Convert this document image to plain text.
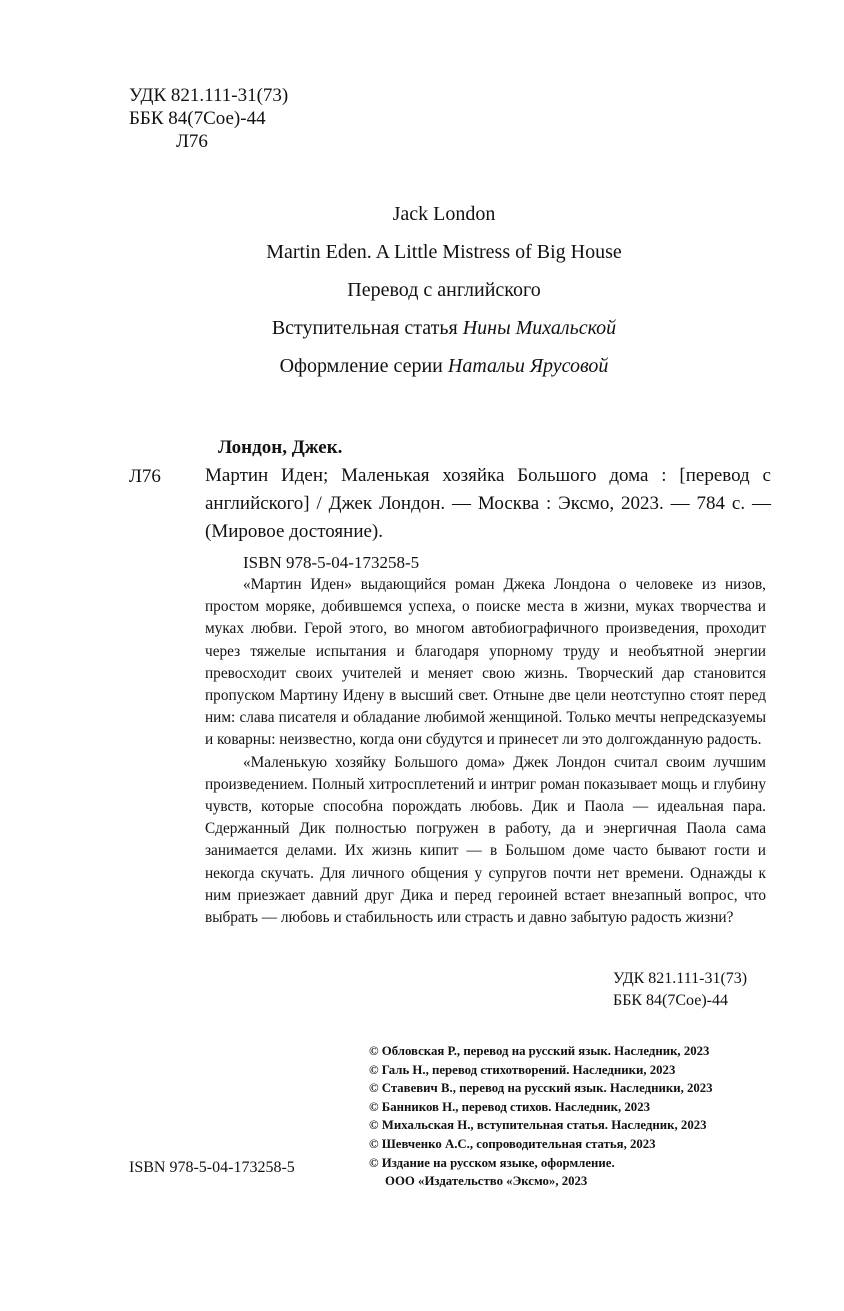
УДК 821.111-31(73)
ББК 84(7Сое)-44
Л76
Jack London
Martin Eden. A Little Mistress of Big House
Перевод с английского
Вступительная статья Нины Михальской
Оформление серии Натальи Ярусовой
Лондон, Джек.
Л76 Мартин Иден; Маленькая хозяйка Большого дома : [перевод с английского] / Джек Лондон. — Москва : Эксмо, 2023. — 784 с. — (Мировое достояние).
ISBN 978-5-04-173258-5

«Мартин Иден» выдающийся роман Джека Лондона о человеке из низов, простом моряке, добившемся успеха, о поиске места в жизни, муках творчества и муках любви. Герой этого, во многом автобиографичного произведения, проходит через тяжелые испытания и благодаря упорному труду и необъятной энергии превосходит своих учителей и меняет свою жизнь. Творческий дар становится пропуском Мартину Идену в высший свет. Отныне две цели неотступно стоят перед ним: слава писателя и обладание любимой женщиной. Только мечты непредсказуемы и коварны: неизвестно, когда они сбудутся и принесет ли это долгожданную радость.

«Маленькую хозяйку Большого дома» Джек Лондон считал своим лучшим произведением. Полный хитросплетений и интриг роман показывает мощь и глубину чувств, которые способна порождать любовь. Дик и Паола — идеальная пара. Сдержанный Дик полностью погружен в работу, да и энергичная Паола сама занимается делами. Их жизнь кипит — в Большом доме часто бывают гости и некогда скучать. Для личного общения у супругов почти нет времени. Однажды к ним приезжает давний друг Дика и перед героиней встает внезапный вопрос, что выбрать — любовь и стабильность или страсть и давно забытую радость жизни?

УДК 821.111-31(73)
ББК 84(7Сое)-44
© Обловская Р., перевод на русский язык. Наследник, 2023
© Галь Н., перевод стихотворений. Наследники, 2023
© Ставевич В., перевод на русский язык. Наследники, 2023
© Банников Н., перевод стихов. Наследник, 2023
© Михальская Н., вступительная статья. Наследник, 2023
© Шевченко А.С., сопроводительная статья, 2023
© Издание на русском языке, оформление.
ООО «Издательство «Эксмо», 2023
ISBN 978-5-04-173258-5
